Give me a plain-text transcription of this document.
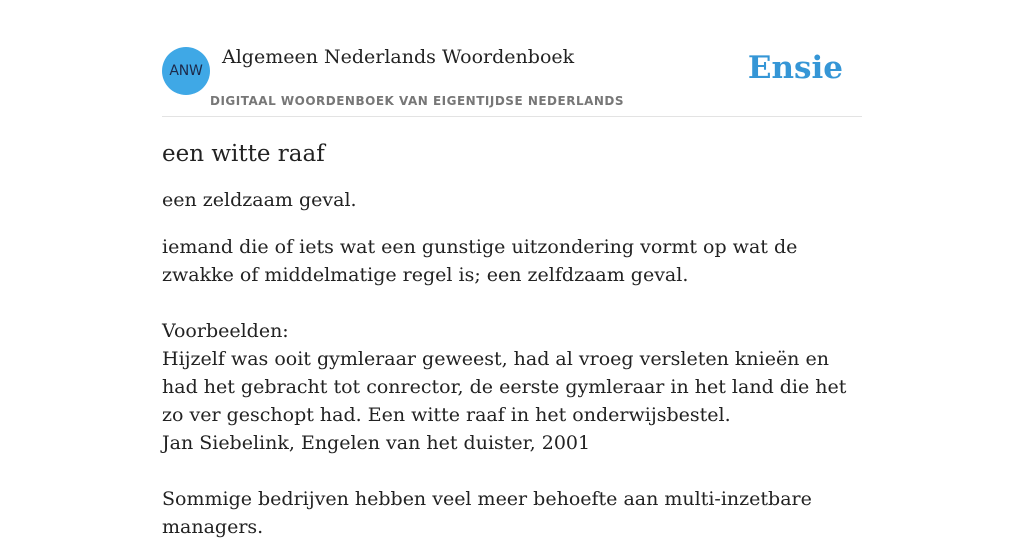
ANW
Algemeen Nederlands Woordenboek
DIGITAAL WOORDENBOEK VAN EIGENTIJDSE NEDERLANDS
Ensie
een witte raaf
een zeldzaam geval.
iemand die of iets wat een gunstige uitzondering vormt op wat de zwakke of middelmatige regel is; een zelfdzaam geval.
Voorbeelden:
Hijzelf was ooit gymleraar geweest, had al vroeg versleten knieën en had het gebracht tot conrector, de eerste gymleraar in het land die het zo ver geschopt had. Een witte raaf in het onderwijsbestel.
Jan Siebelink, Engelen van het duister, 2001
Sommige bedrijven hebben veel meer behoefte aan multi-inzetbare managers.
